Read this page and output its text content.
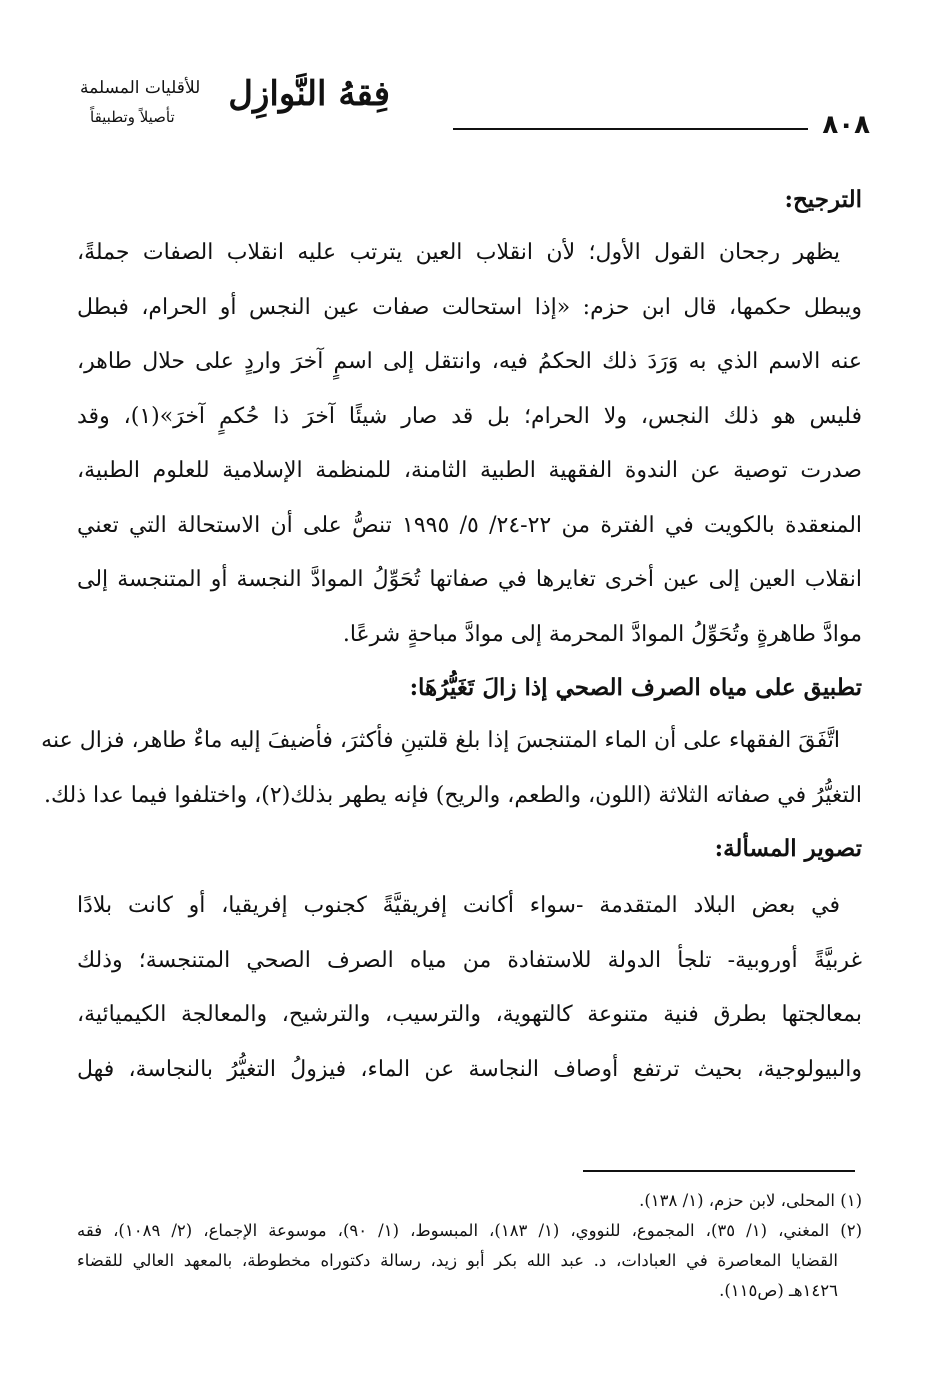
٨٠٨
فِقهُ النَّوازِل
للأقليات المسلمة
تأصيلاً وتطبيقاً

الترجيح:

يظهر رجحان القول الأول؛ لأن انقلاب العين يترتب عليه انقلاب الصفات جملةً،
ويبطل حكمها، قال ابن حزم: «إذا استحالت صفات عين النجس أو الحرام، فبطل
عنه الاسم الذي به وَرَدَ ذلك الحكمُ فيه، وانتقل إلى اسمٍ آخرَ واردٍ على حلال طاهر،
فليس هو ذلك النجس، ولا الحرام؛ بل قد صار شيئًا آخرَ ذا حُكمٍ آخرَ»(١)، وقد
صدرت توصية عن الندوة الفقهية الطبية الثامنة، للمنظمة الإسلامية للعلوم الطبية،
المنعقدة بالكويت في الفترة من ٢٢-٢٤/ ٥/ ١٩٩٥ تنصُّ على أن الاستحالة التي تعني
انقلاب العين إلى عين أخرى تغايرها في صفاتها تُحَوِّلُ الموادَّ النجسة أو المتنجسة إلى
موادَّ طاهرةٍ وتُحَوِّلُ الموادَّ المحرمة إلى موادَّ مباحةٍ شرعًا.

تطبيق على مياه الصرف الصحي إذا زالَ تَغَيُّرُهَا:

اتَّفَقَ الفقهاء على أن الماء المتنجسَ إذا بلغ قلتينِ فأكثرَ، فأضيفَ إليه ماءٌ طاهر، فزال عنه
التغيُّرُ في صفاته الثلاثة (اللون، والطعم، والريح) فإنه يطهر بذلك(٢)، واختلفوا فيما عدا ذلك.

تصوير المسألة:

في بعض البلاد المتقدمة -سواء أكانت إفريقيَّةً كجنوب إفريقيا، أو كانت بلادًا
غربيَّةً أوروبية- تلجأ الدولة للاستفادة من مياه الصرف الصحي المتنجسة؛ وذلك
بمعالجتها بطرق فنية متنوعة كالتهوية، والترسيب، والترشيح، والمعالجة الكيميائية،
والبيولوجية، بحيث ترتفع أوصاف النجاسة عن الماء، فيزولُ التغيُّرُ بالنجاسة، فهل

(١) المحلى، لابن حزم، (١/ ١٣٨).
(٢) المغني، (١/ ٣٥)، المجموع، للنووي، (١/ ١٨٣)، المبسوط، (١/ ٩٠)، موسوعة الإجماع، (٢/ ١٠٨٩)، فقه
القضايا المعاصرة في العبادات، د. عبد الله بكر أبو زيد، رسالة دكتوراه مخطوطة، بالمعهد العالي للقضاء
١٤٢٦هـ (ص١١٥).
